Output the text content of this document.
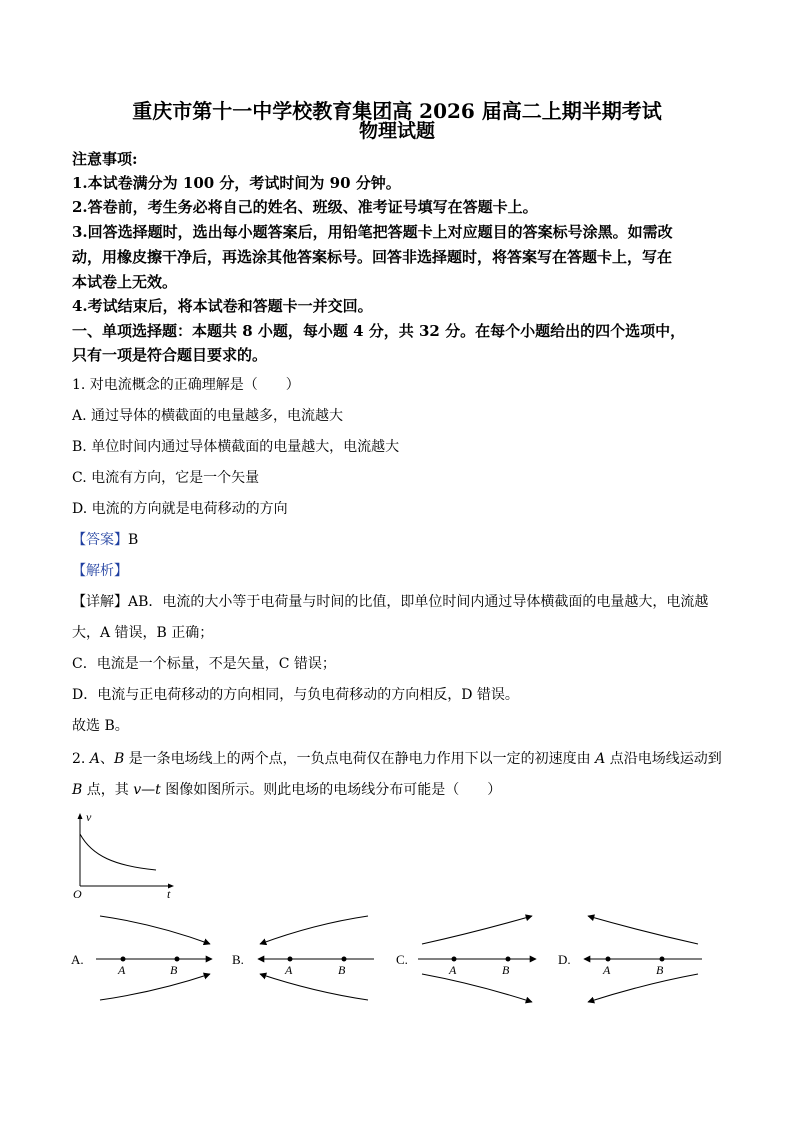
重庆市第十一中学校教育集团高 2026 届高二上期半期考试
物理试题
注意事项:
1.本试卷满分为 100 分，考试时间为 90 分钟。
2.答卷前，考生务必将自己的姓名、班级、准考证号填写在答题卡上。
3.回答选择题时，选出每小题答案后，用铅笔把答题卡上对应题目的答案标号涂黑。如需改
动，用橡皮擦干净后，再选涂其他答案标号。回答非选择题时，将答案写在答题卡上，写在
本试卷上无效。
4.考试结束后，将本试卷和答题卡一并交回。
一、单项选择题：本题共 8 小题，每小题 4 分，共 32 分。在每个小题给出的四个选项中，
只有一项是符合题目要求的。
1. 对电流概念的正确理解是（　　）
A. 通过导体的横截面的电量越多，电流越大
B. 单位时间内通过导体横截面的电量越大，电流越大
C. 电流有方向，它是一个矢量
D. 电流的方向就是电荷移动的方向
【答案】B
【解析】
【详解】AB．电流的大小等于电荷量与时间的比值，即单位时间内通过导体横截面的电量越大，电流越
大，A 错误，B 正确；
C．电流是一个标量，不是矢量，C 错误；
D．电流与正电荷移动的方向相同，与负电荷移动的方向相反，D 错误。
故选 B。
2. A、B 是一条电场线上的两个点，一负点电荷仅在静电力作用下以一定的初速度由 A 点沿电场线运动到
B 点，其 v—t 图像如图所示。则此电场的电场线分布可能是（　　）
v
t
O
A.
A	B
B.
A	B
C.
A	B
D.
A	B
